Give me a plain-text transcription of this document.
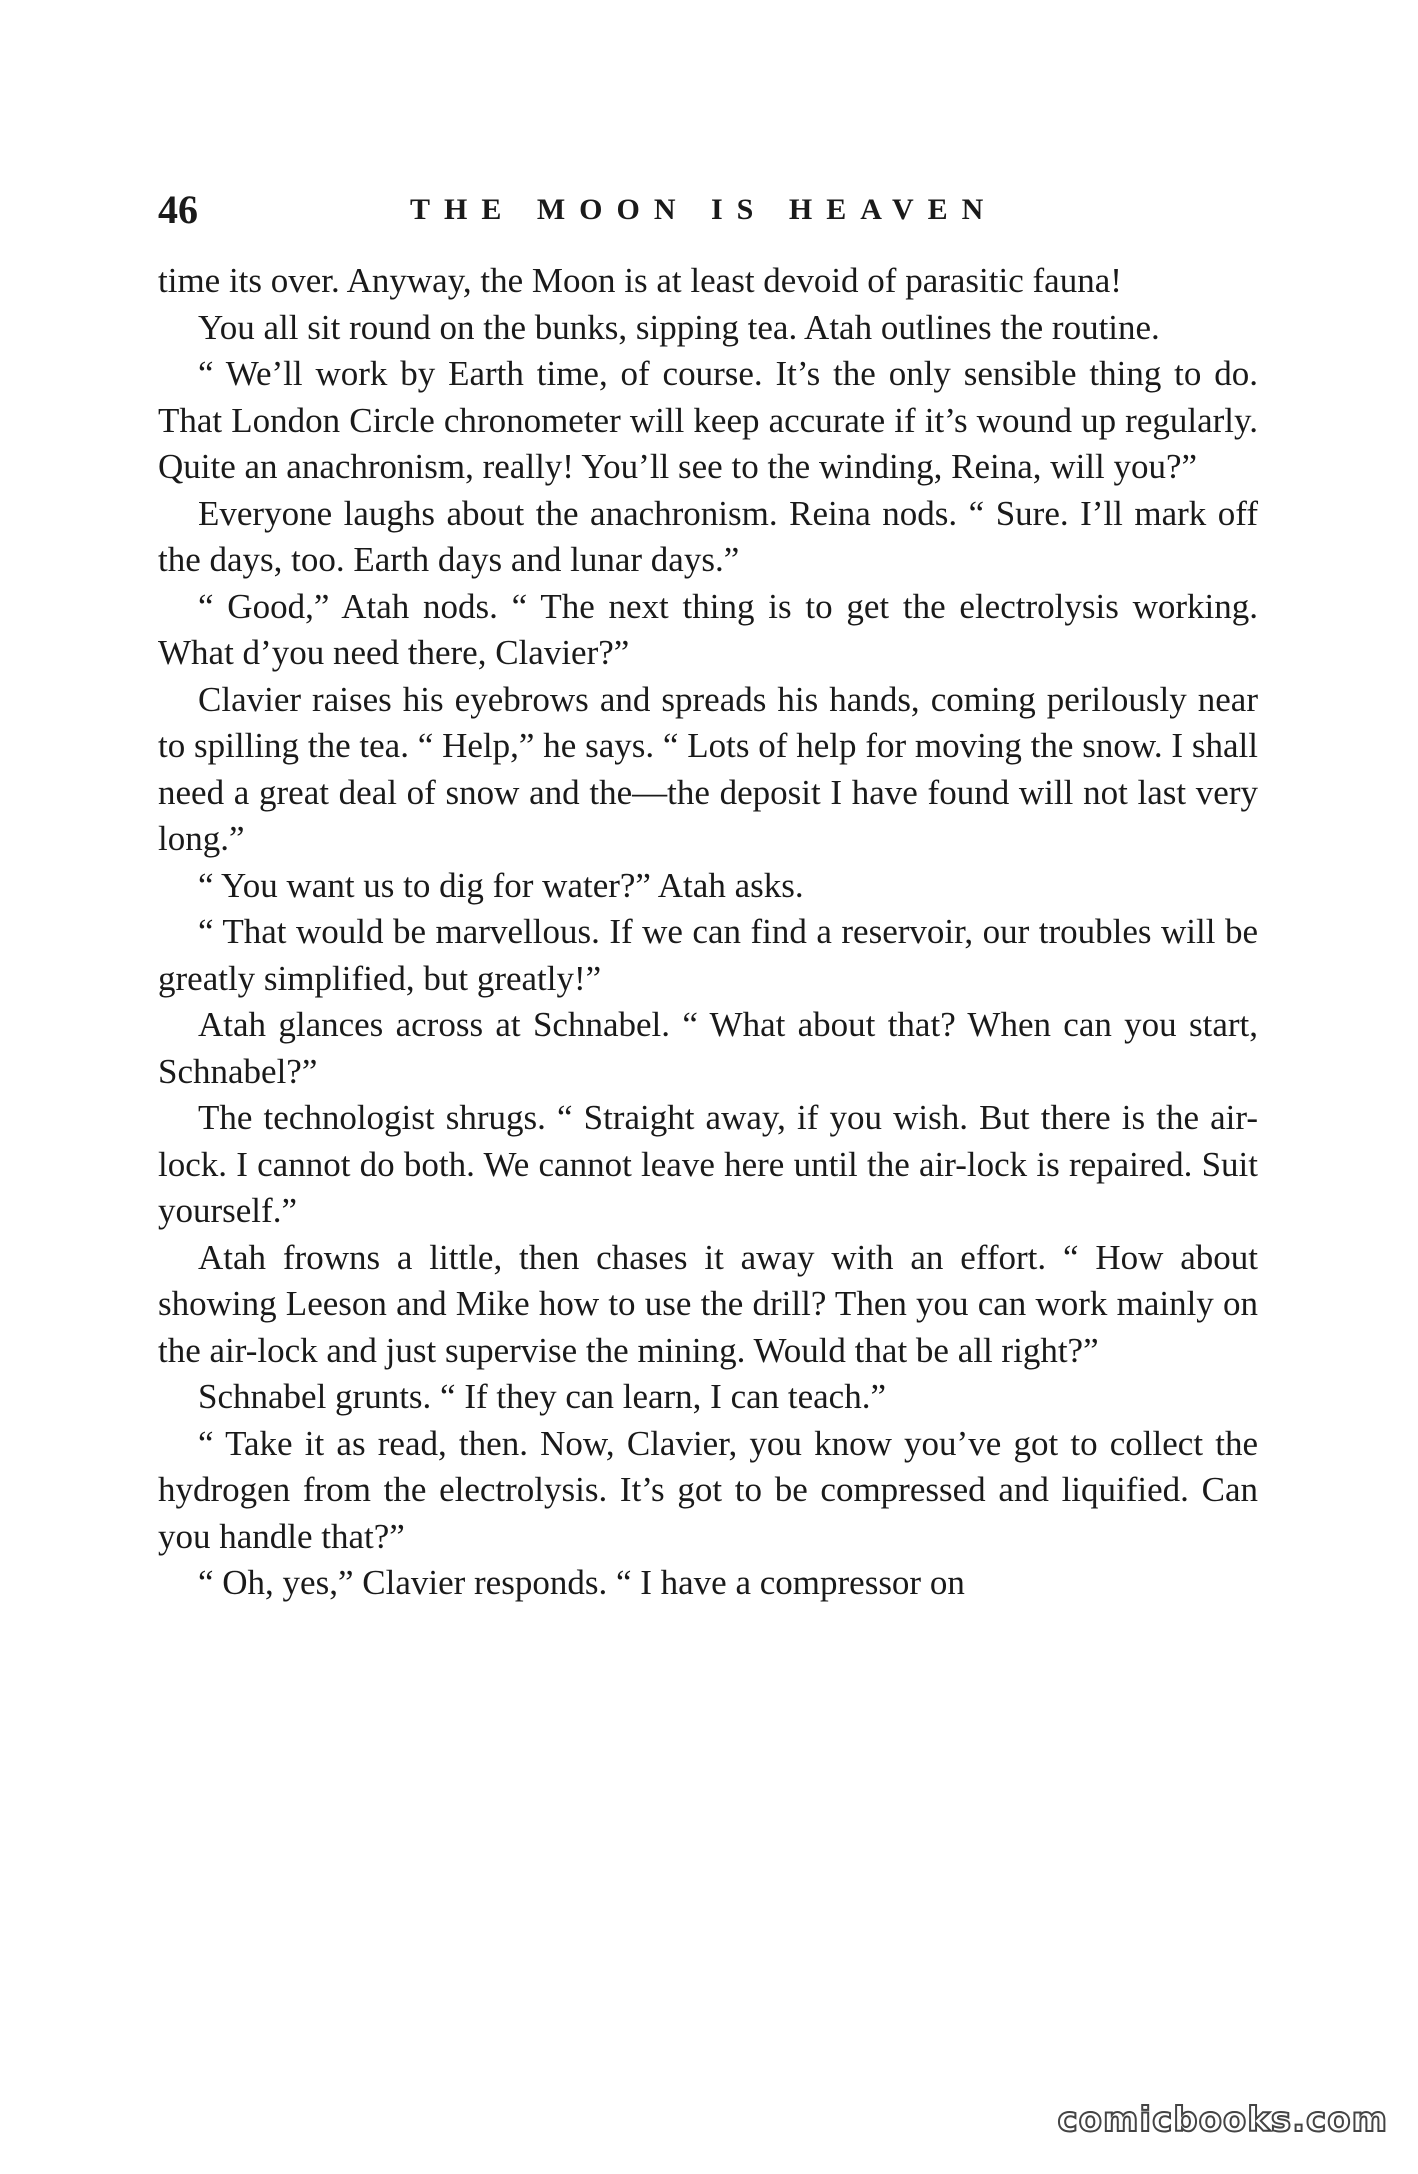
46	THE MOON IS HEAVEN

time its over. Anyway, the Moon is at least devoid of parasitic fauna!

You all sit round on the bunks, sipping tea. Atah outlines the routine.

“ We’ll work by Earth time, of course. It’s the only sensible thing to do. That London Circle chronometer will keep accurate if it’s wound up regularly. Quite an anachronism, really! You’ll see to the winding, Reina, will you?”

Everyone laughs about the anachronism. Reina nods. “ Sure. I’ll mark off the days, too. Earth days and lunar days.”

“ Good,” Atah nods. “ The next thing is to get the electrolysis working. What d’you need there, Clavier?”

Clavier raises his eyebrows and spreads his hands, coming perilously near to spilling the tea. “ Help,” he says. “ Lots of help for moving the snow. I shall need a great deal of snow and the—the deposit I have found will not last very long.”

“ You want us to dig for water?” Atah asks.

“ That would be marvellous. If we can find a reservoir, our troubles will be greatly simplified, but greatly!”

Atah glances across at Schnabel. “ What about that? When can you start, Schnabel?”

The technologist shrugs. “ Straight away, if you wish. But there is the air-lock. I cannot do both. We cannot leave here until the air-lock is repaired. Suit yourself.”

Atah frowns a little, then chases it away with an effort. “ How about showing Leeson and Mike how to use the drill? Then you can work mainly on the air-lock and just supervise the mining. Would that be all right?”

Schnabel grunts. “ If they can learn, I can teach.”

“ Take it as read, then. Now, Clavier, you know you’ve got to collect the hydrogen from the electrolysis. It’s got to be compressed and liquified. Can you handle that?”

“ Oh, yes,” Clavier responds. “ I have a compressor on

comicbooks.com
